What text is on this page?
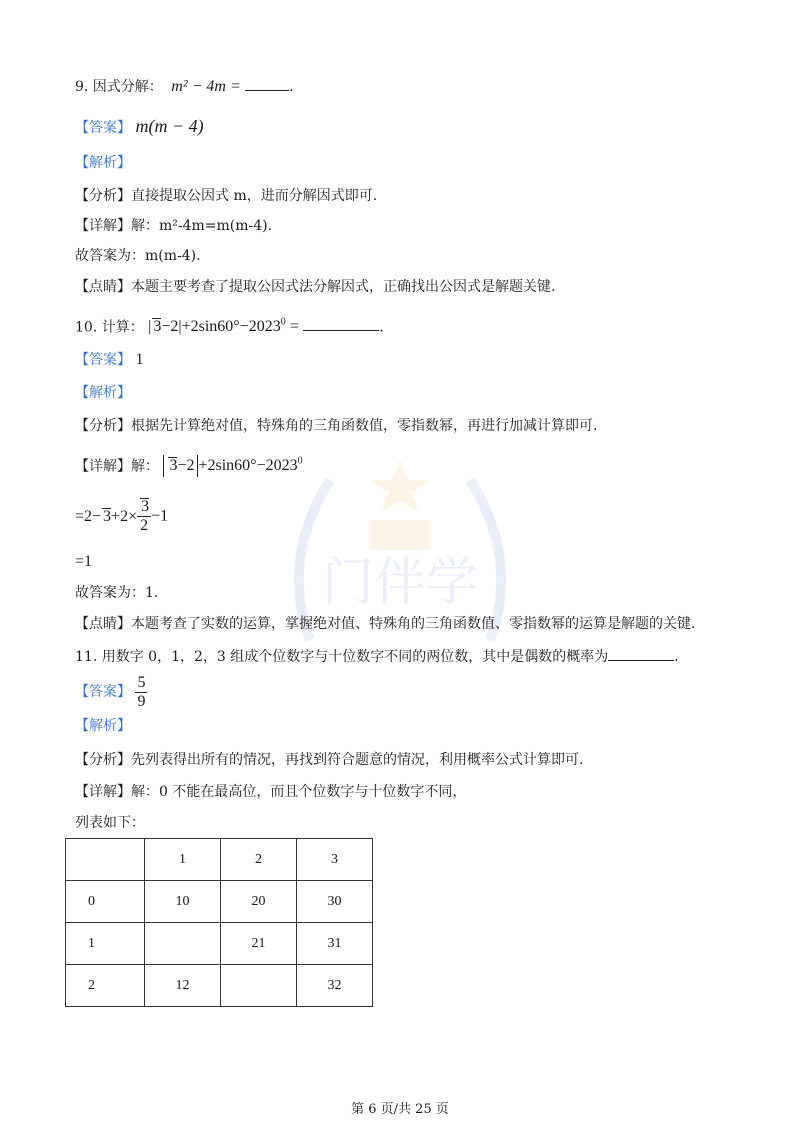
门伴学
9. 因式分解： m² − 4m =	.
【答案】 m(m − 4)
【解析】
【分析】直接提取公因式 m，进而分解因式即可.
【详解】解：m²-4m=m(m-4).
故答案为：m(m-4).
【点睛】本题主要考查了提取公因式法分解因式，正确找出公因式是解题关键.
10. 计算： | $3-2|+2\sin 60^\circ-2023^0$ =	.
【答案】 1
【解析】
【分析】根据先计算绝对值，特殊角的三角函数值，零指数幂，再进行加减计算即可.
【详解】解： $3-2 +2\sin 60^\circ-2023^0$
$=2- 3+2\times \frac{3}{2} -1$
=1
故答案为：1.
【点睛】本题考查了实数的运算，掌握绝对值、特殊角的三角函数值、零指数幂的运算是解题的关键.
11. 用数字 0，1，2，3 组成个位数字与十位数字不同的两位数，其中是偶数的概率为	.
【答案】 $\frac{5}{9}$
【解析】
【分析】先列表得出所有的情况，再找到符合题意的情况，利用概率公式计算即可.
【详解】解：0 不能在最高位，而且个位数字与十位数字不同，
列表如下：
	1	2	3
0	10	20	30
1		21	31
2	12		32
第 6 页/共 25 页
